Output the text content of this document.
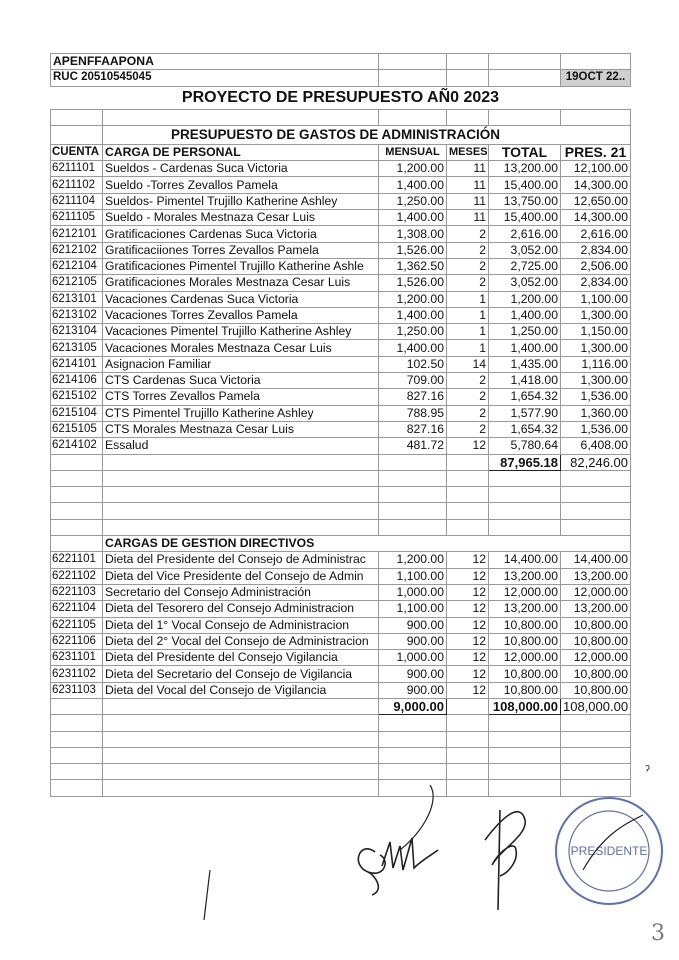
APENFFAAPONA					
RUC 20510545045					19OCT 22..
PROYECTO DE PRESUPUESTO AÑ0 2023					

	PRESUPUESTO DE GASTOS DE ADMINISTRACIÓN				
CUENTA	CARGA DE PERSONAL	MENSUAL	MESES	TOTAL	PRES. 21
6211101	Sueldos - Cardenas Suca Victoria	1,200.00	11	13,200.00	12,100.00
6211102	Sueldo -Torres Zevallos Pamela	1,400.00	11	15,400.00	14,300.00
6211104	Sueldos- Pimentel Trujillo Katherine Ashley	1,250.00	11	13,750.00	12,650.00
6211105	Sueldo - Morales Mestnaza Cesar Luis	1,400.00	11	15,400.00	14,300.00
6212101	Gratificaciones Cardenas Suca Victoria	1,308.00	2	2,616.00	2,616.00
6212102	Gratificaciiones Torres Zevallos Pamela	1,526.00	2	3,052.00	2,834.00
6212104	Gratificaciones Pimentel Trujillo Katherine Ashle	1,362.50	2	2,725.00	2,506.00
6212105	Gratificaciones Morales Mestnaza Cesar Luis	1,526.00	2	3,052.00	2,834.00
6213101	Vacaciones Cardenas Suca Victoria	1,200.00	1	1,200.00	1,100.00
6213102	Vacaciones Torres Zevallos Pamela	1,400.00	1	1,400.00	1,300.00
6213104	Vacaciones Pimentel Trujillo Katherine Ashley	1,250.00	1	1,250.00	1,150.00
6213105	Vacaciones Morales Mestnaza Cesar Luis	1,400.00	1	1,400.00	1,300.00
6214101	Asignacion Familiar	102.50	14	1,435.00	1,116.00
6214106	CTS Cardenas Suca Victoria	709.00	2	1,418.00	1,300.00
6215102	CTS Torres Zevallos Pamela	827.16	2	1,654.32	1,536.00
6215104	CTS Pimentel Trujillo Katherine Ashley	788.95	2	1,577.90	1,360.00
6215105	CTS Morales Mestnaza Cesar Luis	827.16	2	1,654.32	1,536.00
6214102	Essalud	481.72	12	5,780.64	6,408.00
				87,965.18	82,246.00

	CARGAS DE GESTION DIRECTIVOS				
6221101	Dieta del Presidente del Consejo de Administrac	1,200.00	12	14,400.00	14,400.00
6221102	Dieta del Vice Presidente del Consejo de Admin	1,100.00	12	13,200.00	13,200.00
6221103	Secretario del Consejo Administración	1,000.00	12	12,000.00	12,000.00
6221104	Dieta del Tesorero del Consejo Administracion	1,100.00	12	13,200.00	13,200.00
6221105	Dieta del 1° Vocal Consejo de Administracion	900.00	12	10,800.00	10,800.00
6221106	Dieta del 2° Vocal del Consejo de Administracion	900.00	12	10,800.00	10,800.00
6231101	Dieta del Presidente del Consejo Vigilancia	1,000.00	12	12,000.00	12,000.00
6231102	Dieta del Secretario del Consejo de Vigilancia	900.00	12	10,800.00	10,800.00
6231103	Dieta del Vocal del Consejo de Vigilancia	900.00	12	10,800.00	10,800.00
		9,000.00		108,000.00	108,000.00

PRESIDENTE
ˀ
3
